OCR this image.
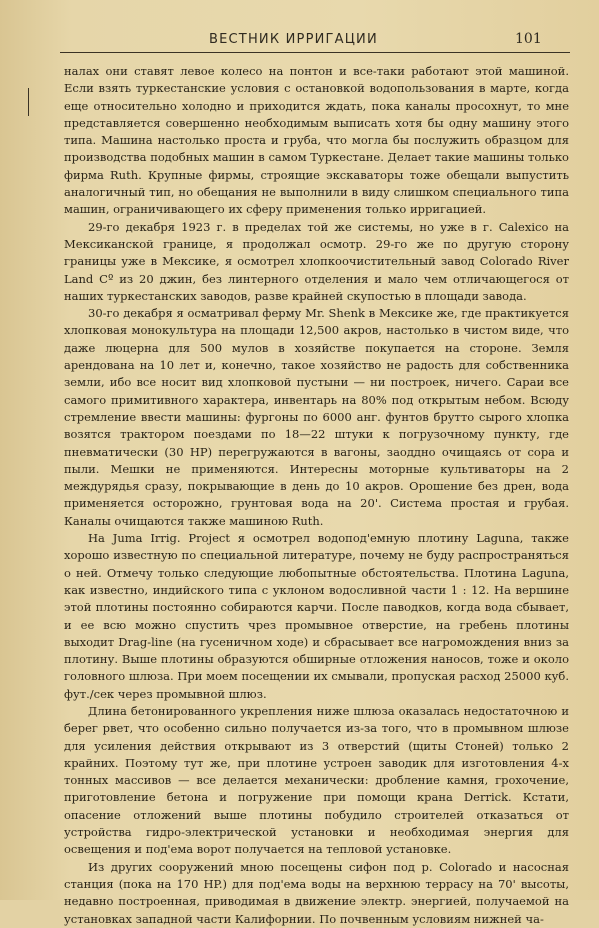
ВЕСТНИК ИРРИГАЦИИ	101

налах они ставят левое колесо на понтон и все-таки работают этой машиной. Если взять туркестанские условия с остановкой водопользования в марте, когда еще относительно холодно и приходится ждать, пока каналы просохнут, то мне представляется совершенно необходимым выписать хотя бы одну машину этого типа. Машина настолько проста и груба, что могла бы послужить образцом для производства подобных машин в самом Туркестане. Делает такие машины только фирма Ruth. Крупные фирмы, строящие экскаваторы тоже обещали выпустить аналогичный тип, но обещания не выполнили в виду слишком специального типа машин, ограничивающего их сферу применения только ирригацией.

29-го декабря 1923 г. в пределах той же системы, но уже в г. Calexico на Мексиканской границе, я продолжал осмотр. 29-го же по другую сторону границы уже в Мексике, я осмотрел хлопкоочистительный завод Colorado River Land Cº из 20 джин, без линтерного отделения и мало чем отличающегося от наших туркестанских заводов, разве крайней скупостью в площади завода.

30-го декабря я осматривал ферму Mr. Shenk в Мексике же, где практикуется хлопковая монокультура на площади 12,500 акров, настолько в чистом виде, что даже люцерна для 500 мулов в хозяйстве покупается на стороне. Земля арендована на 10 лет и, конечно, такое хозяйство не радость для собственника земли, ибо все носит вид хлопковой пустыни — ни построек, ничего. Сараи все самого примитивного характера, инвентарь на 80% под открытым небом. Всюду стремление ввести машины: фургоны по 6000 анг. фунтов брутто сырого хлопка возятся трактором поездами по 18—22 штуки к погрузочному пункту, где пневматически (30 HP) перегружаются в вагоны, заоддно очищаясь от сора и пыли. Мешки не применяются. Интересны моторные культиваторы на 2 междурядья сразу, покрывающие в день до 10 акров. Орошение без дрен, вода применяется осторожно, грунтовая вода на 20'. Система простая и грубая. Каналы очищаются также машиною Ruth.

На Juma Irrig. Project я осмотрел водопод'емную плотину Laguna, также хорошо известную по специальной литературе, почему не буду распространяться о ней. Отмечу только следующие любопытные обстоятельства. Плотина Laguna, как известно, индийского типа с уклоном водосливной части 1 : 12. На вершине этой плотины постоянно собираются карчи. После паводков, когда вода сбывает, и ее всю можно спустить чрез промывное отверстие, на гребень плотины выходит Drag-line (на гусеничном ходе) и сбрасывает все нагромождения вниз за плотину. Выше плотины образуются обширные отложения наносов, тоже и около головного шлюза. При моем посещении их смывали, пропуская расход 25000 куб. фут./сек через промывной шлюз.

Длина бетонированного укрепления ниже шлюза оказалась недостаточною и берег рвет, что особенно сильно получается из-за того, что в промывном шлюзе для усиления действия открывают из 3 отверстий (щиты Стоней) только 2 крайних. Поэтому тут же, при плотине устроен заводик для изготовления 4-х тонных массивов — все делается механически: дробление камня, грохочение, приготовление бетона и погружение при помощи крана Derrick. Кстати, опасение отложений выше плотины побудило строителей отказаться от устройства гидро-электрической установки и необходимая энергия для освещения и под'ема ворот получается на тепловой установке.

Из других сооружений мною посещены сифон под р. Colorado и насосная станция (пока на 170 HP.) для под'ема воды на верхнюю террасу на 70' высоты, недавно построенная, приводимая в движение электр. энергией, получаемой на установках западной части Калифорнии. По почвенным условиям нижней ча-
